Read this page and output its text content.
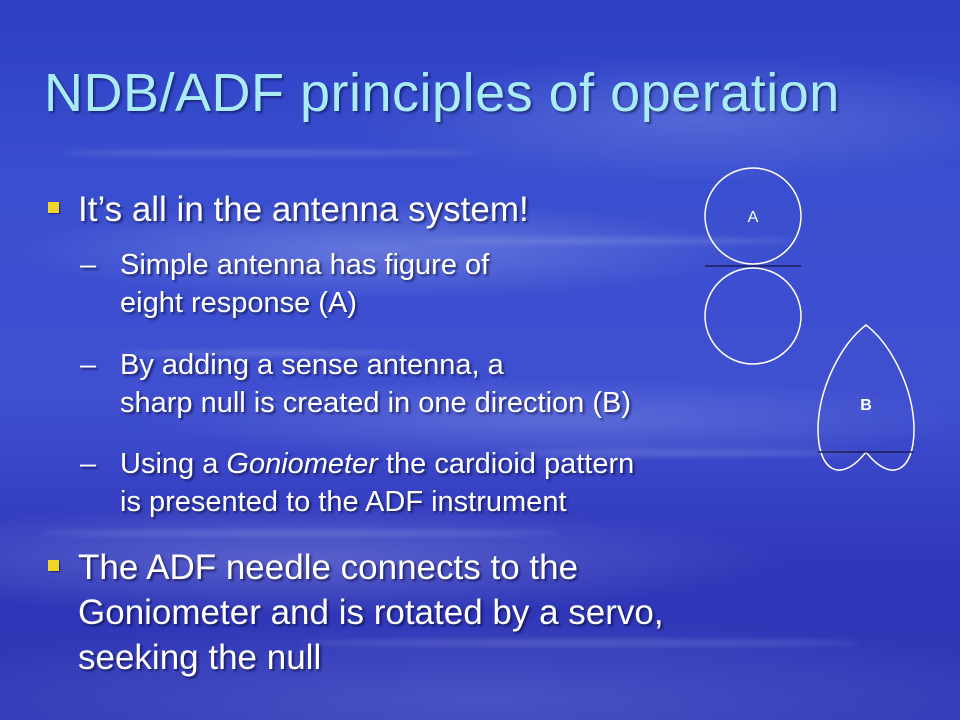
NDB/ADF principles of operation
It’s all in the antenna system!
– Simple antenna has figure of
eight response (A)
– By adding a sense antenna, a
sharp null is created in one direction (B)
– Using a Goniometer the cardioid pattern
is presented to the ADF instrument
The ADF needle connects to the
Goniometer and is rotated by a servo,
seeking the null
A
B
